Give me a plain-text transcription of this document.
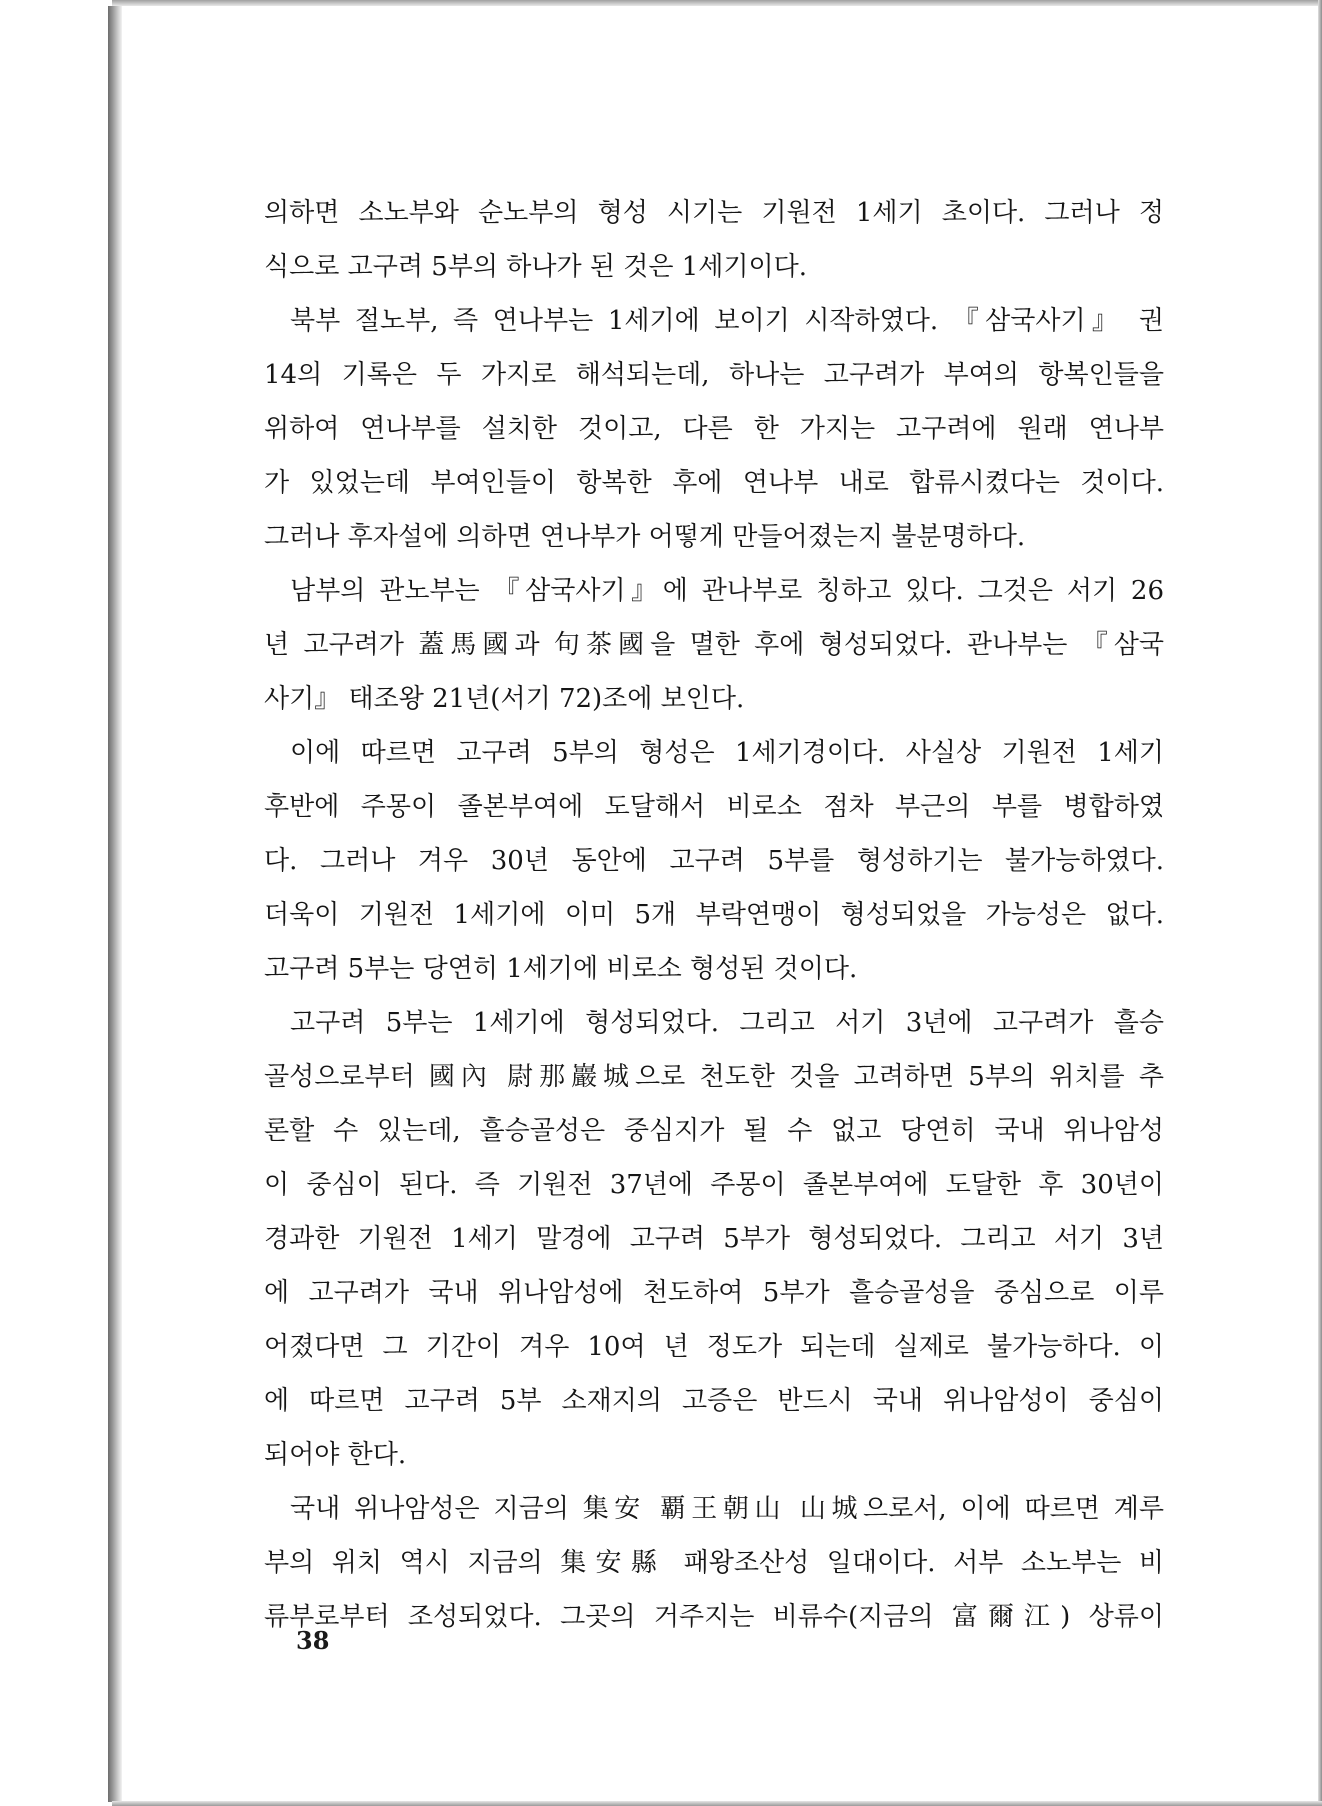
의하면 소노부와 순노부의 형성 시기는 기원전 1세기 초이다. 그러나 정
식으로 고구려 5부의 하나가 된 것은 1세기이다.
북부 절노부, 즉 연나부는 1세기에 보이기 시작하였다. 『삼국사기』 권
14의 기록은 두 가지로 해석되는데, 하나는 고구려가 부여의 항복인들을
위하여 연나부를 설치한 것이고, 다른 한 가지는 고구려에 원래 연나부
가 있었는데 부여인들이 항복한 후에 연나부 내로 합류시켰다는 것이다.
그러나 후자설에 의하면 연나부가 어떻게 만들어졌는지 불분명하다.
남부의 관노부는 『삼국사기』에 관나부로 칭하고 있다. 그것은 서기 26
년 고구려가 蓋馬國과 句茶國을 멸한 후에 형성되었다. 관나부는 『삼국
사기』 태조왕 21년(서기 72)조에 보인다.
이에 따르면 고구려 5부의 형성은 1세기경이다. 사실상 기원전 1세기
후반에 주몽이 졸본부여에 도달해서 비로소 점차 부근의 부를 병합하였
다. 그러나 겨우 30년 동안에 고구려 5부를 형성하기는 불가능하였다.
더욱이 기원전 1세기에 이미 5개 부락연맹이 형성되었을 가능성은 없다.
고구려 5부는 당연히 1세기에 비로소 형성된 것이다.
고구려 5부는 1세기에 형성되었다. 그리고 서기 3년에 고구려가 흘승
골성으로부터 國內 尉那巖城으로 천도한 것을 고려하면 5부의 위치를 추
론할 수 있는데, 흘승골성은 중심지가 될 수 없고 당연히 국내 위나암성
이 중심이 된다. 즉 기원전 37년에 주몽이 졸본부여에 도달한 후 30년이
경과한 기원전 1세기 말경에 고구려 5부가 형성되었다. 그리고 서기 3년
에 고구려가 국내 위나암성에 천도하여 5부가 흘승골성을 중심으로 이루
어졌다면 그 기간이 겨우 10여 년 정도가 되는데 실제로 불가능하다. 이
에 따르면 고구려 5부 소재지의 고증은 반드시 국내 위나암성이 중심이
되어야 한다.
국내 위나암성은 지금의 集安 覇王朝山 山城으로서, 이에 따르면 계루
부의 위치 역시 지금의 集安縣 패왕조산성 일대이다. 서부 소노부는 비
류부로부터 조성되었다. 그곳의 거주지는 비류수(지금의 富爾江) 상류이
38
